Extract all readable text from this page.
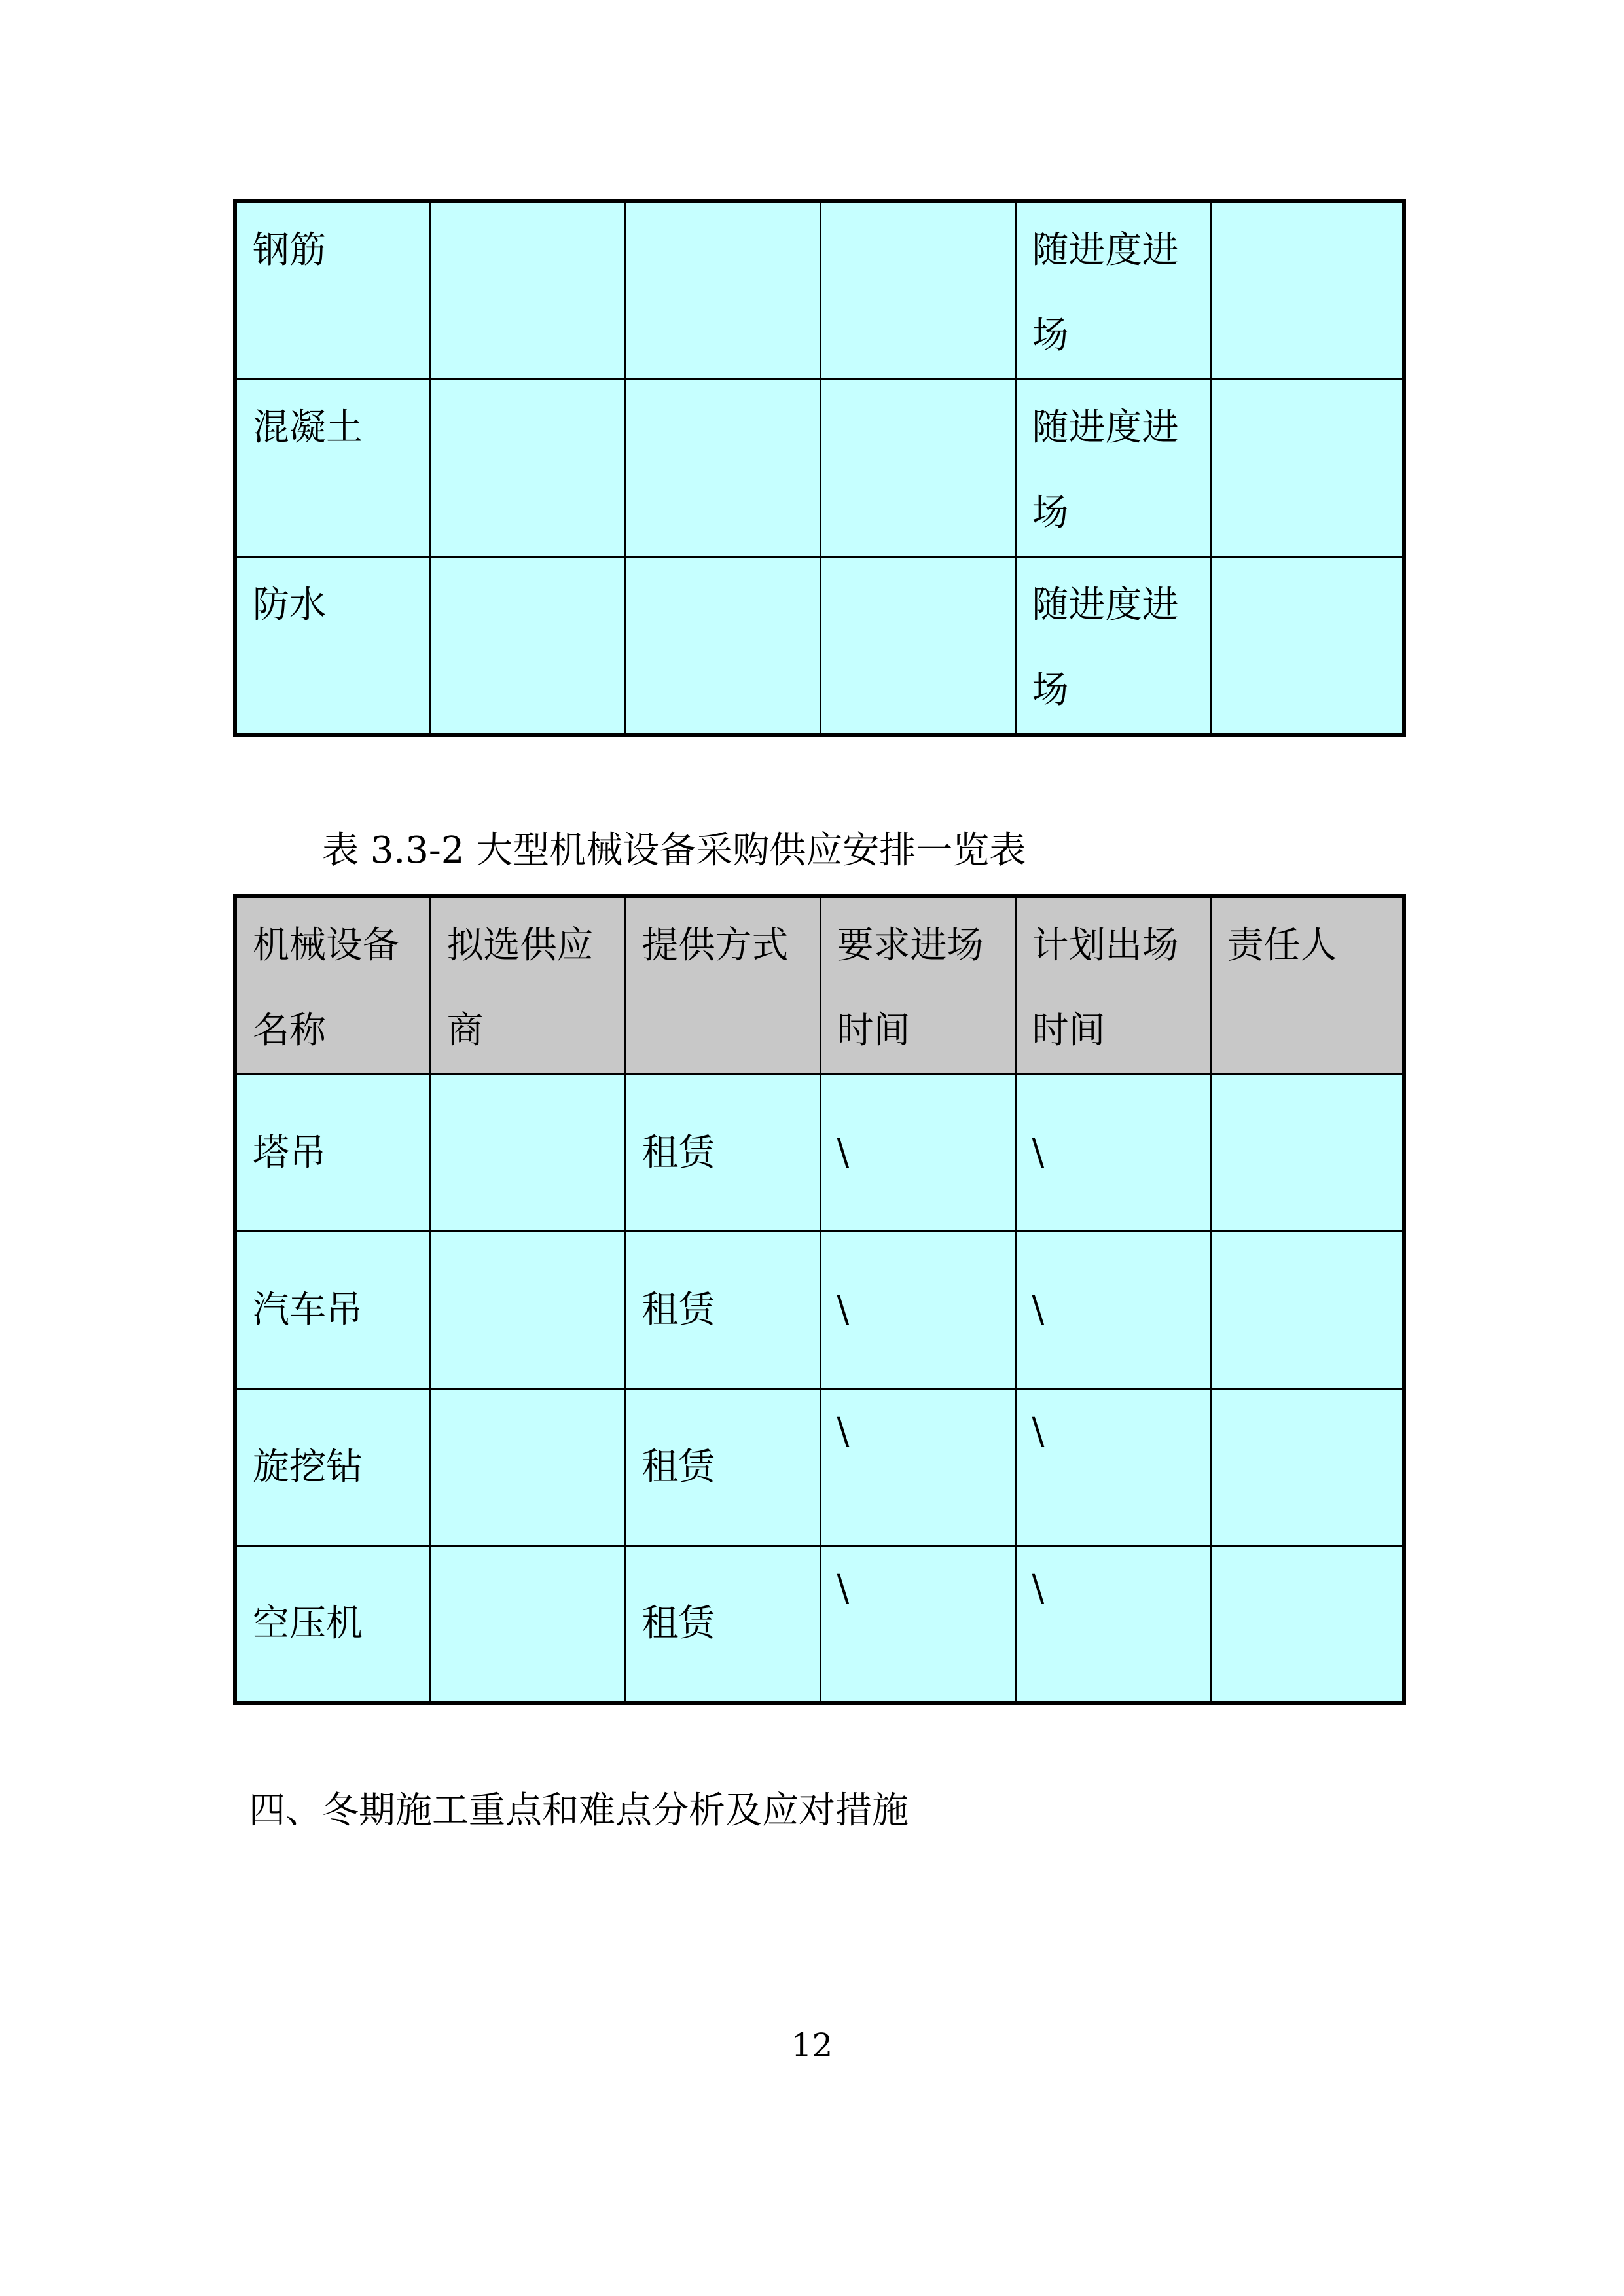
钢筋				随进度进场	
混凝土				随进度进场	
防水				随进度进场	
表 3.3-2 大型机械设备采购供应安排一览表
机械设备名称	拟选供应商	提供方式	要求进场时间	计划出场时间	责任人
塔吊		租赁	\	\	
汽车吊		租赁	\	\	
旋挖钻		租赁	\	\	
空压机		租赁	\	\	
四、冬期施工重点和难点分析及应对措施
12
